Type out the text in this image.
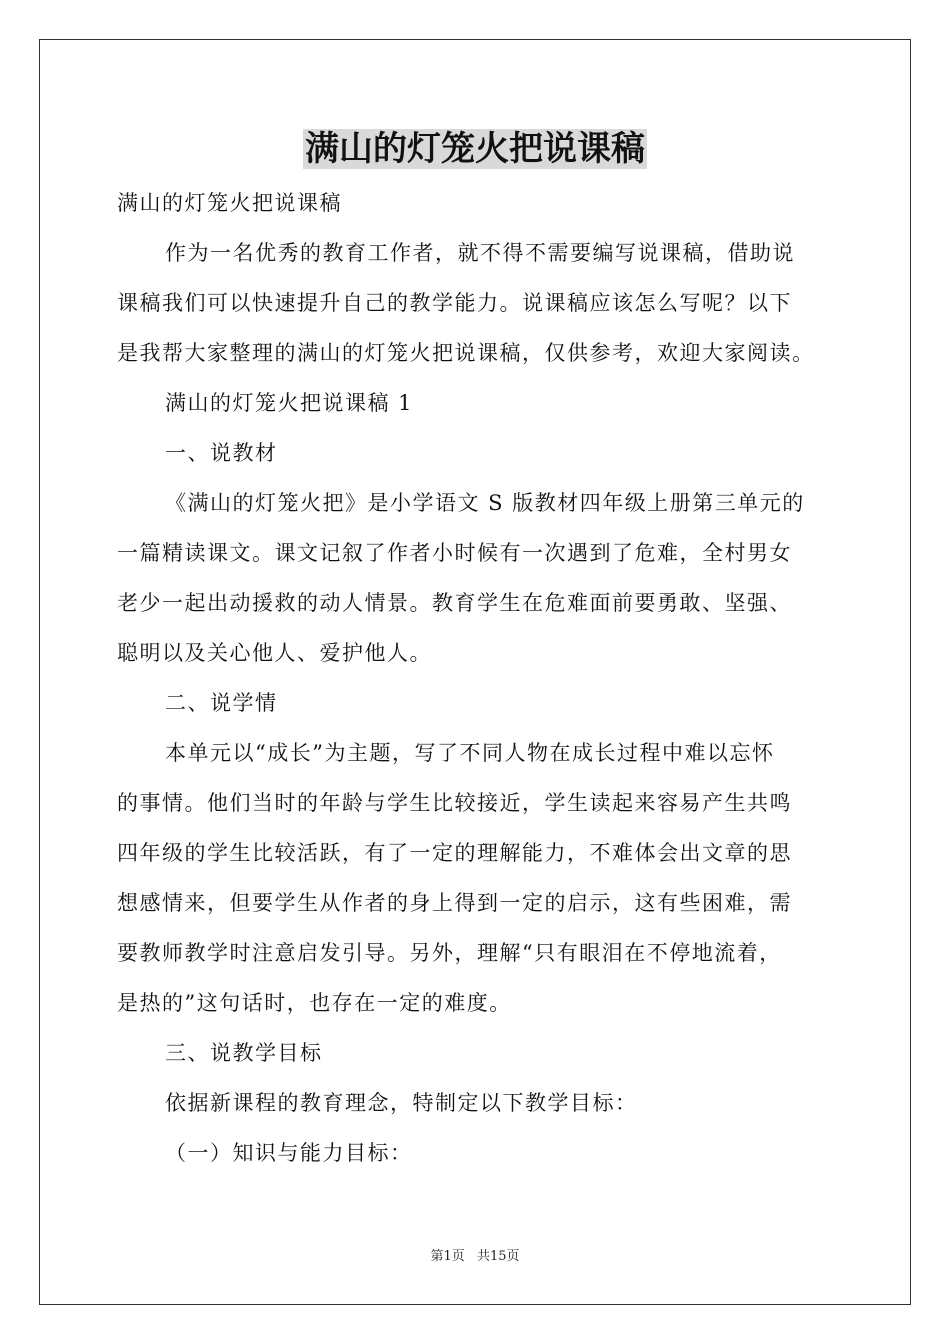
满山的灯笼火把说课稿

满山的灯笼火把说课稿

作为一名优秀的教育工作者，就不得不需要编写说课稿，借助说

课稿我们可以快速提升自己的教学能力。说课稿应该怎么写呢？以下

是我帮大家整理的满山的灯笼火把说课稿，仅供参考，欢迎大家阅读。

满山的灯笼火把说课稿 1

一、说教材

《满山的灯笼火把》是小学语文 S 版教材四年级上册第三单元的

一篇精读课文。课文记叙了作者小时候有一次遇到了危难，全村男女

老少一起出动援救的动人情景。教育学生在危难面前要勇敢、坚强、

聪明以及关心他人、爱护他人。

二、说学情

本单元以“成长”为主题，写了不同人物在成长过程中难以忘怀

的事情。他们当时的年龄与学生比较接近，学生读起来容易产生共鸣

四年级的学生比较活跃，有了一定的理解能力，不难体会出文章的思

想感情来，但要学生从作者的身上得到一定的启示，这有些困难，需

要教师教学时注意启发引导。另外，理解“只有眼泪在不停地流着，

是热的”这句话时，也存在一定的难度。

三、说教学目标

依据新课程的教育理念，特制定以下教学目标：

（一）知识与能力目标：

第1页 共15页
